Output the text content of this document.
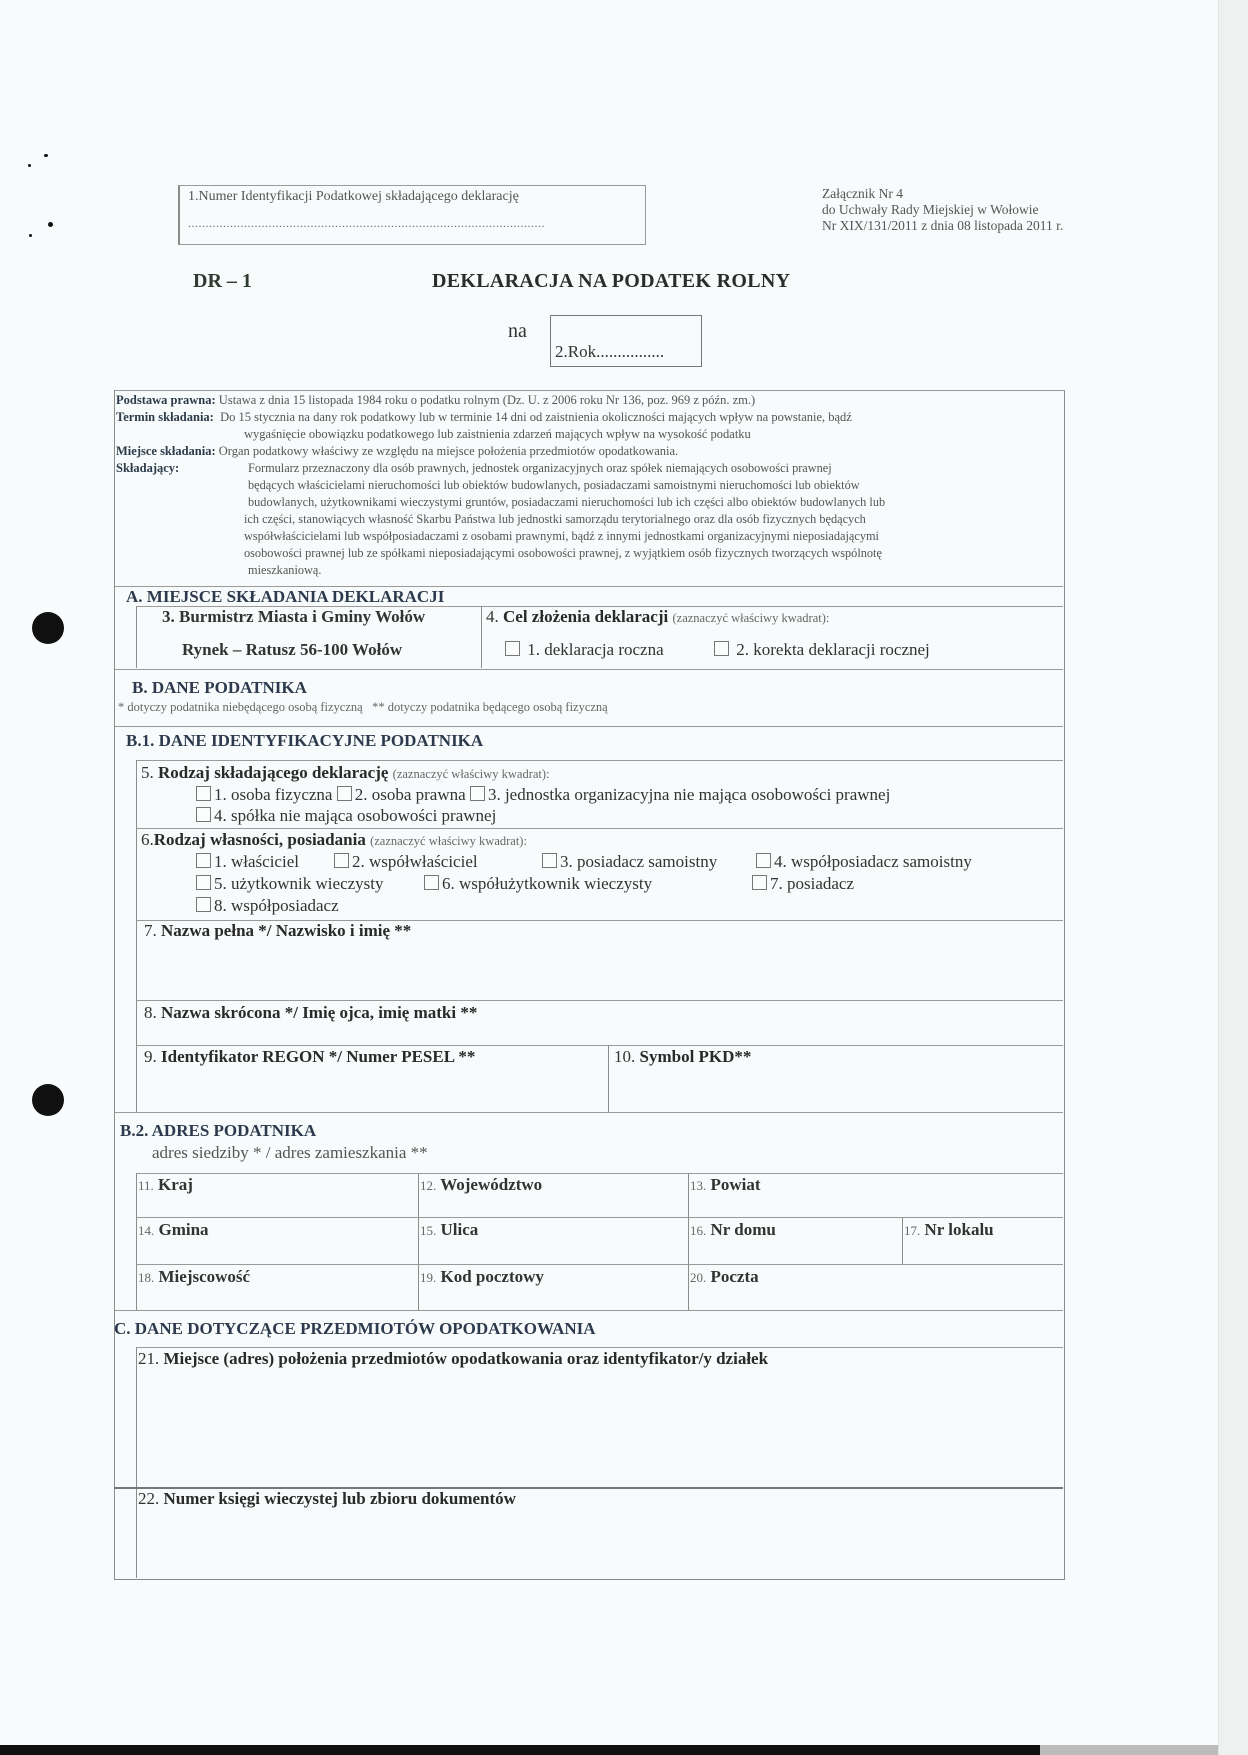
1.Numer Identyfikacji Podatkowej składającego deklarację
......................................................................................................
Załącznik Nr 4
do Uchwały Rady Miejskiej w Wołowie
Nr XIX/131/2011 z dnia 08 listopada 2011 r.
DR – 1	DEKLARACJA NA PODATEK ROLNY
na
2.Rok................
Podstawa prawna: Ustawa z dnia 15 listopada 1984 roku o podatku rolnym (Dz. U. z 2006 roku Nr 136, poz. 969 z późn. zm.)
Termin składania: Do 15 stycznia na dany rok podatkowy lub w terminie 14 dni od zaistnienia okoliczności mających wpływ na powstanie, bądź
wygaśnięcie obowiązku podatkowego lub zaistnienia zdarzeń mających wpływ na wysokość podatku
Miejsce składania: Organ podatkowy właściwy ze względu na miejsce położenia przedmiotów opodatkowania.
Składający:	Formularz przeznaczony dla osób prawnych, jednostek organizacyjnych oraz spółek niemających osobowości prawnej
będących właścicielami nieruchomości lub obiektów budowlanych, posiadaczami samoistnymi nieruchomości lub obiektów
budowlanych, użytkownikami wieczystymi gruntów, posiadaczami nieruchomości lub ich części albo obiektów budowlanych lub
ich części, stanowiących własność Skarbu Państwa lub jednostki samorządu terytorialnego oraz dla osób fizycznych będących
współwłaścicielami lub współposiadaczami z osobami prawnymi, bądź z innymi jednostkami organizacyjnymi nieposiadającymi
osobowości prawnej lub ze spółkami nieposiadającymi osobowości prawnej, z wyjątkiem osób fizycznych tworzących wspólnotę
mieszkaniową.
A. MIEJSCE SKŁADANIA DEKLARACJI
3. Burmistrz Miasta i Gminy Wołów
Rynek – Ratusz 56-100 Wołów
4. Cel złożenia deklaracji (zaznaczyć właściwy kwadrat):
1. deklaracja roczna	2. korekta deklaracji rocznej
B. DANE PODATNIKA
* dotyczy podatnika niebędącego osobą fizyczną   ** dotyczy podatnika będącego osobą fizyczną
B.1. DANE IDENTYFIKACYJNE PODATNIKA
5. Rodzaj składającego deklarację (zaznaczyć właściwy kwadrat):
1. osoba fizyczna 2. osoba prawna 3. jednostka organizacyjna nie mająca osobowości prawnej
4. spółka nie mająca osobowości prawnej
6.Rodzaj własności, posiadania (zaznaczyć właściwy kwadrat):
1. właściciel	2. współwłaściciel	3. posiadacz samoistny	4. współposiadacz samoistny
5. użytkownik wieczysty	6. współużytkownik wieczysty	7. posiadacz
8. współposiadacz
7. Nazwa pełna */ Nazwisko i imię **
8. Nazwa skrócona */ Imię ojca, imię matki **
9. Identyfikator REGON */ Numer PESEL **	10. Symbol PKD**
B.2. ADRES PODATNIKA
adres siedziby * / adres zamieszkania **
11. Kraj	12. Województwo	13. Powiat
14. Gmina	15. Ulica	16. Nr domu	17. Nr lokalu
18. Miejscowość	19. Kod pocztowy	20. Poczta
C. DANE DOTYCZĄCE PRZEDMIOTÓW OPODATKOWANIA
21. Miejsce (adres) położenia przedmiotów opodatkowania oraz identyfikator/y działek
22. Numer księgi wieczystej lub zbioru dokumentów
